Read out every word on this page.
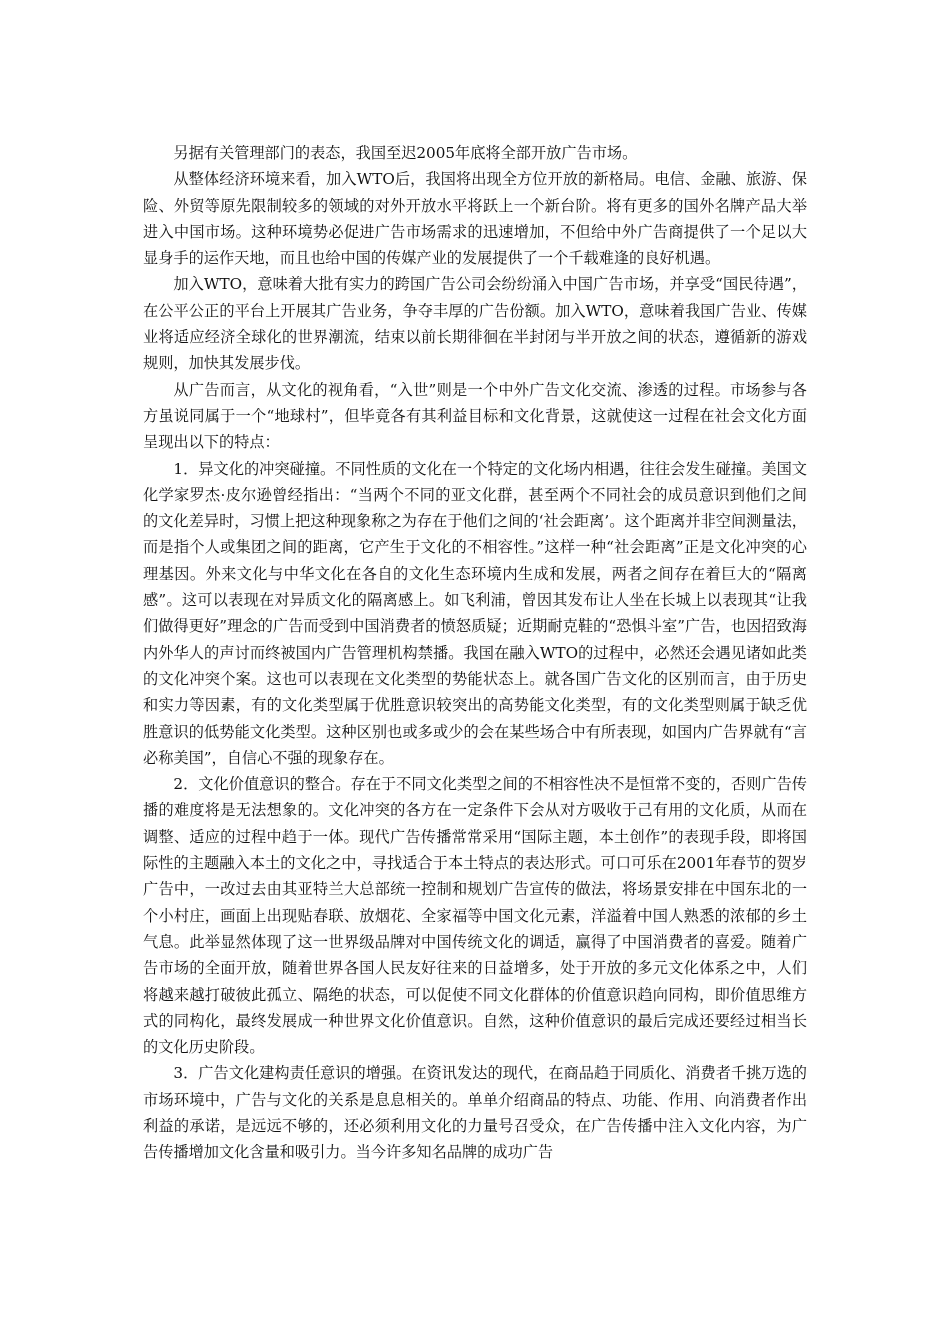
另据有关管理部门的表态，我国至迟2005年底将全部开放广告市场。

从整体经济环境来看，加入WTO后，我国将出现全方位开放的新格局。电信、金融、旅游、保险、外贸等原先限制较多的领域的对外开放水平将跃上一个新台阶。将有更多的国外名牌产品大举进入中国市场。这种环境势必促进广告市场需求的迅速增加，不但给中外广告商提供了一个足以大显身手的运作天地，而且也给中国的传媒产业的发展提供了一个千载难逢的良好机遇。

加入WTO，意味着大批有实力的跨国广告公司会纷纷涌入中国广告市场，并享受“国民待遇”，在公平公正的平台上开展其广告业务，争夺丰厚的广告份额。加入WTO，意味着我国广告业、传媒业将适应经济全球化的世界潮流，结束以前长期徘徊在半封闭与半开放之间的状态，遵循新的游戏规则，加快其发展步伐。

从广告而言，从文化的视角看，“入世”则是一个中外广告文化交流、渗透的过程。市场参与各方虽说同属于一个“地球村”，但毕竟各有其利益目标和文化背景，这就使这一过程在社会文化方面呈现出以下的特点：

1．异文化的冲突碰撞。不同性质的文化在一个特定的文化场内相遇，往往会发生碰撞。美国文化学家罗杰·皮尔逊曾经指出：“当两个不同的亚文化群，甚至两个不同社会的成员意识到他们之间的文化差异时，习惯上把这种现象称之为存在于他们之间的‘社会距离’。这个距离并非空间测量法，而是指个人或集团之间的距离，它产生于文化的不相容性。”这样一种“社会距离”正是文化冲突的心理基因。外来文化与中华文化在各自的文化生态环境内生成和发展，两者之间存在着巨大的“隔离感”。这可以表现在对异质文化的隔离感上。如飞利浦，曾因其发布让人坐在长城上以表现其“让我们做得更好”理念的广告而受到中国消费者的愤怒质疑；近期耐克鞋的“恐惧斗室”广告，也因招致海内外华人的声讨而终被国内广告管理机构禁播。我国在融入WTO的过程中，必然还会遇见诸如此类的文化冲突个案。这也可以表现在文化类型的势能状态上。就各国广告文化的区别而言，由于历史和实力等因素，有的文化类型属于优胜意识较突出的高势能文化类型，有的文化类型则属于缺乏优胜意识的低势能文化类型。这种区别也或多或少的会在某些场合中有所表现，如国内广告界就有“言必称美国”，自信心不强的现象存在。

2．文化价值意识的整合。存在于不同文化类型之间的不相容性决不是恒常不变的，否则广告传播的难度将是无法想象的。文化冲突的各方在一定条件下会从对方吸收于己有用的文化质，从而在调整、适应的过程中趋于一体。现代广告传播常常采用“国际主题，本土创作”的表现手段，即将国际性的主题融入本土的文化之中，寻找适合于本土特点的表达形式。可口可乐在2001年春节的贺岁广告中，一改过去由其亚特兰大总部统一控制和规划广告宣传的做法，将场景安排在中国东北的一个小村庄，画面上出现贴春联、放烟花、全家福等中国文化元素，洋溢着中国人熟悉的浓郁的乡土气息。此举显然体现了这一世界级品牌对中国传统文化的调适，赢得了中国消费者的喜爱。随着广告市场的全面开放，随着世界各国人民友好往来的日益增多，处于开放的多元文化体系之中，人们将越来越打破彼此孤立、隔绝的状态，可以促使不同文化群体的价值意识趋向同构，即价值思维方式的同构化，最终发展成一种世界文化价值意识。自然，这种价值意识的最后完成还要经过相当长的文化历史阶段。

3．广告文化建构责任意识的增强。在资讯发达的现代，在商品趋于同质化、消费者千挑万选的市场环境中，广告与文化的关系是息息相关的。单单介绍商品的特点、功能、作用、向消费者作出利益的承诺，是远远不够的，还必须利用文化的力量号召受众，在广告传播中注入文化内容，为广告传播增加文化含量和吸引力。当今许多知名品牌的成功广告
